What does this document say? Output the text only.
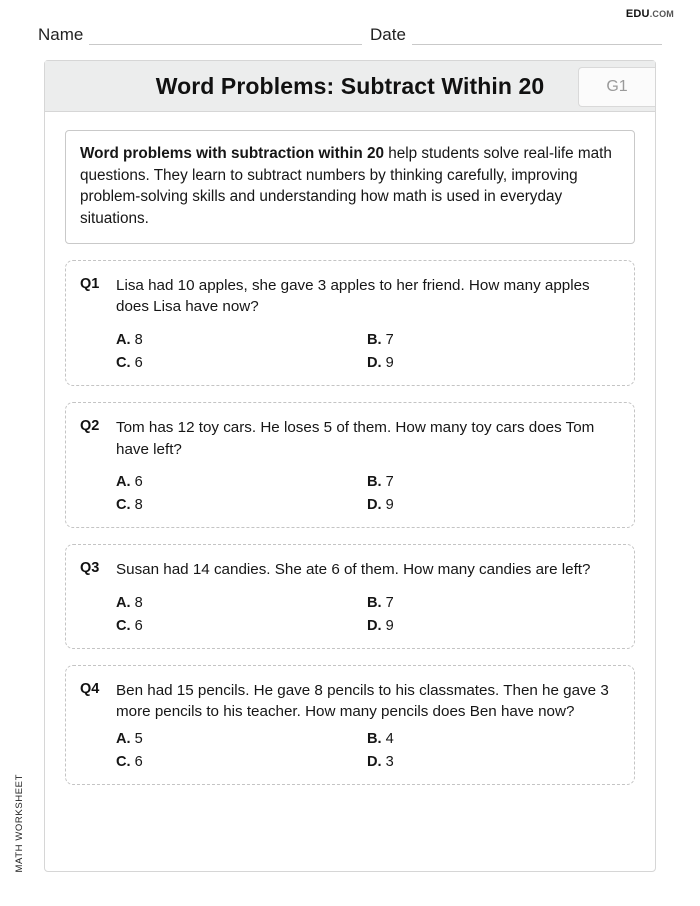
EDU.COM
Name	Date
Word Problems: Subtract Within 20	G1
Word problems with subtraction within 20 help students solve real-life math questions. They learn to subtract numbers by thinking carefully, improving problem-solving skills and understanding how math is used in everyday situations.
Q1	Lisa had 10 apples, she gave 3 apples to her friend. How many apples does Lisa have now?
A. 8	B. 7
C. 6	D. 9
Q2	Tom has 12 toy cars. He loses 5 of them. How many toy cars does Tom have left?
A. 6	B. 7
C. 8	D. 9
Q3	Susan had 14 candies. She ate 6 of them. How many candies are left?
A. 8	B. 7
C. 6	D. 9
Q4	Ben had 15 pencils. He gave 8 pencils to his classmates. Then he gave 3 more pencils to his teacher. How many pencils does Ben have now?
A. 5	B. 4
C. 6	D. 3
MATH WORKSHEET
